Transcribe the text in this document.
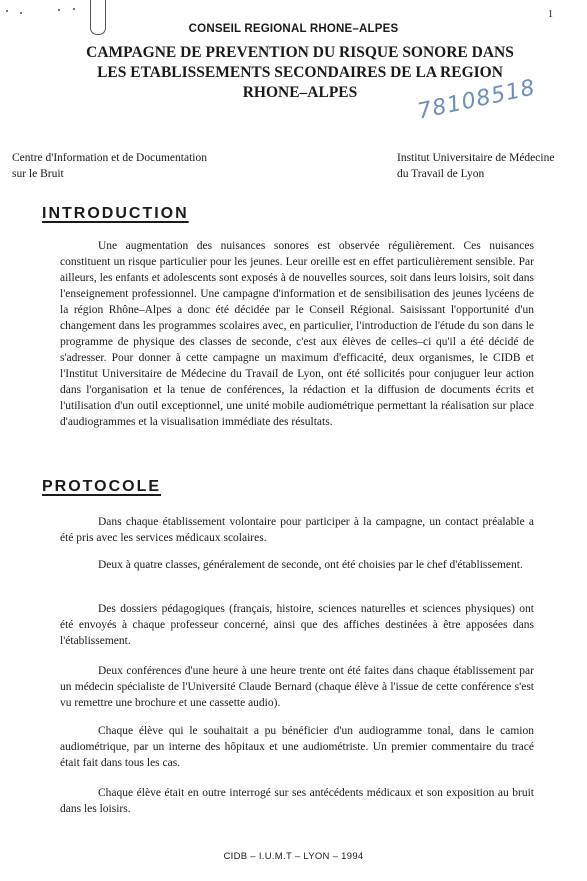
1
CONSEIL REGIONAL RHONE–ALPES
CAMPAGNE DE PREVENTION DU RISQUE SONORE DANS
LES ETABLISSEMENTS SECONDAIRES DE LA REGION
RHONE–ALPES	78108518
Centre d'Information et de Documentation
sur le Bruit
Institut Universitaire de Médecine
du Travail de Lyon
INTRODUCTION

Une augmentation des nuisances sonores est observée régulièrement. Ces nuisances constituent un risque particulier pour les jeunes. Leur oreille est en effet particulièrement sensible. Par ailleurs, les enfants et adolescents sont exposés à de nouvelles sources, soit dans leurs loisirs, soit dans l'enseignement professionnel. Une campagne d'information et de sensibilisation des jeunes lycéens de la région Rhône–Alpes a donc été décidée par le Conseil Régional. Saisissant l'opportunité d'un changement dans les programmes scolaires avec, en particulier, l'introduction de l'étude du son dans le programme de physique des classes de seconde, c'est aux élèves de celles–ci qu'il a été décidé de s'adresser. Pour donner à cette campagne un maximum d'efficacité, deux organismes, le CIDB et l'Institut Universitaire de Médecine du Travail de Lyon, ont été sollicités pour conjuguer leur action dans l'organisation et la tenue de conférences, la rédaction et la diffusion de documents écrits et l'utilisation d'un outil exceptionnel, une unité mobile audiométrique permettant la réalisation sur place d'audiogrammes et la visualisation immédiate des résultats.

PROTOCOLE

Dans chaque établissement volontaire pour participer à la campagne, un contact préalable a été pris avec les services médicaux scolaires.

Deux à quatre classes, généralement de seconde, ont été choisies par le chef d'établissement.

Des dossiers pédagogiques (français, histoire, sciences naturelles et sciences physiques) ont été envoyés à chaque professeur concerné, ainsi que des affiches destinées à être apposées dans l'établissement.

Deux conférences d'une heure à une heure trente ont été faites dans chaque établissement par un médecin spécialiste de l'Université Claude Bernard (chaque élève à l'issue de cette conférence s'est vu remettre une brochure et une cassette audio).

Chaque élève qui le souhaitait a pu bénéficier d'un audiogramme tonal, dans le camion audiométrique, par un interne des hôpitaux et une audiométriste. Un premier commentaire du tracé était fait dans tous les cas.

Chaque élève était en outre interrogé sur ses antécédents médicaux et son exposition au bruit dans les loisirs.

CIDB – I.U.M.T – LYON – 1994
